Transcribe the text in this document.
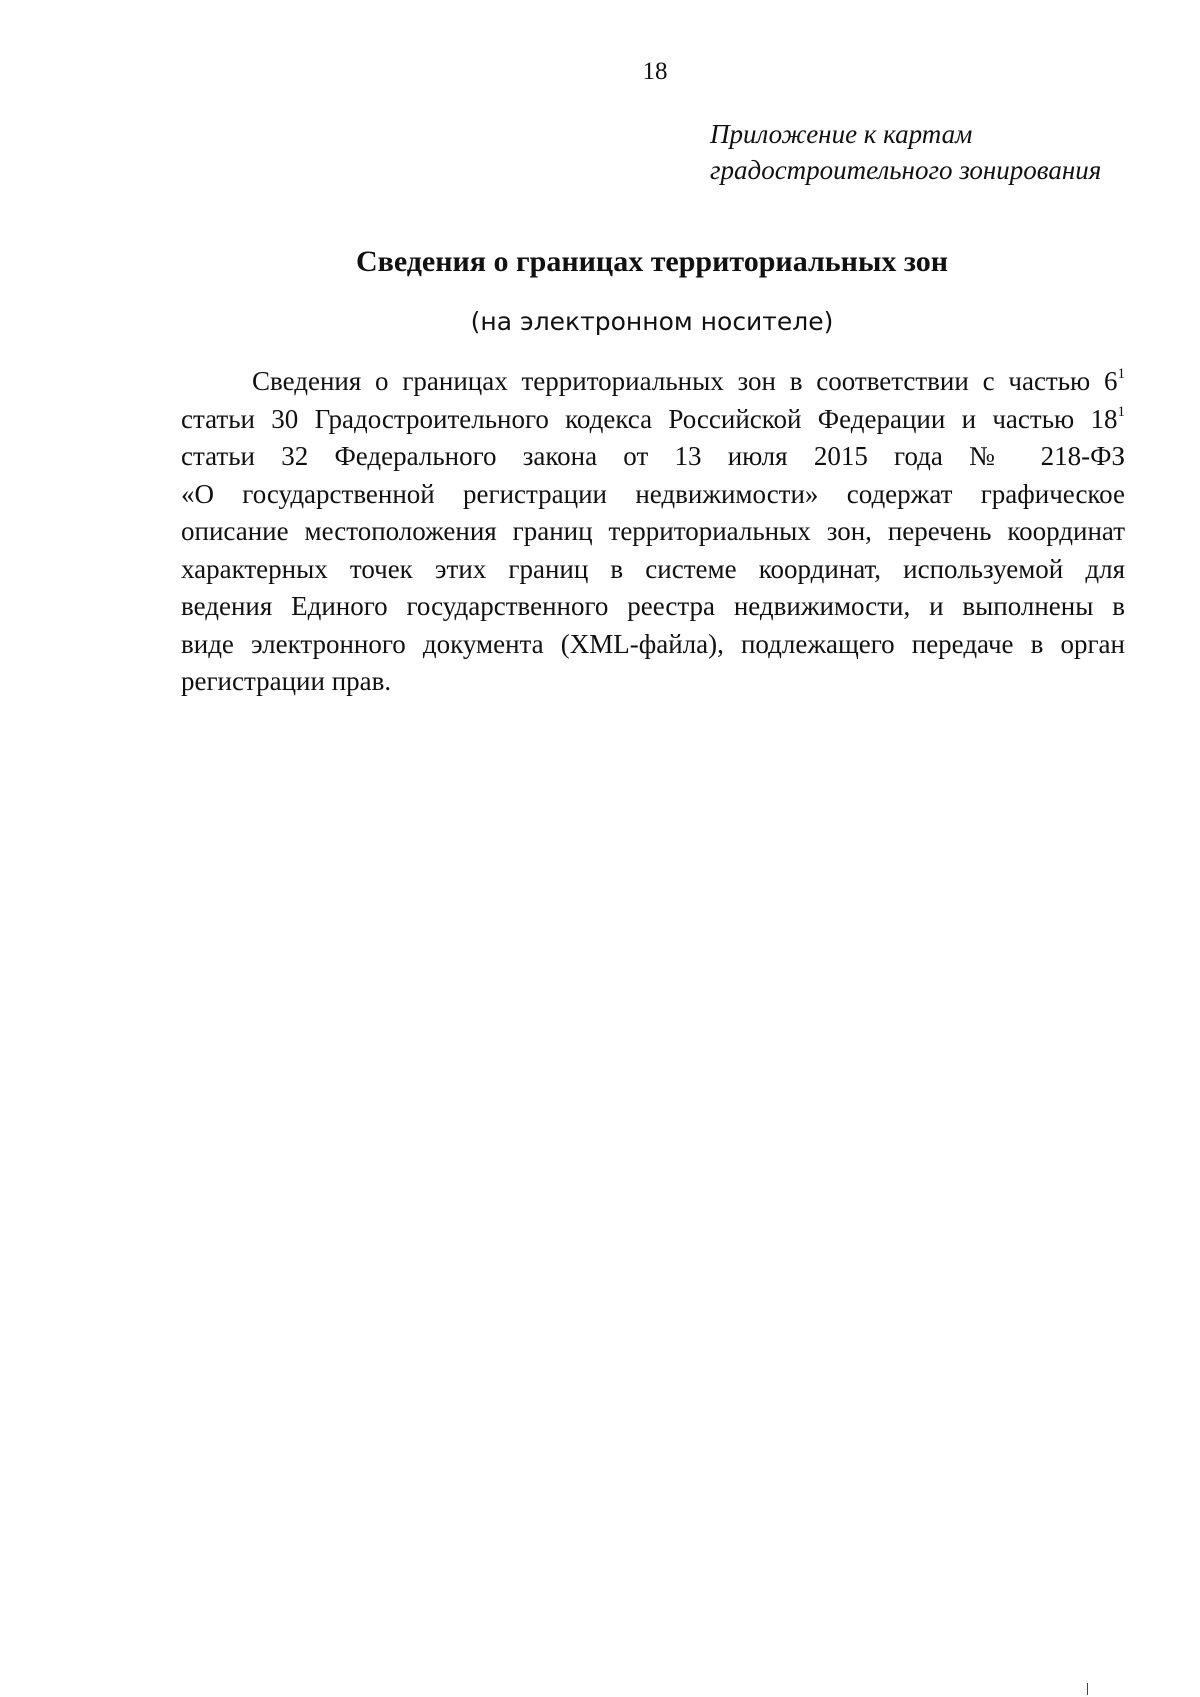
18
Приложение к картам
градостроительного зонирования
Сведения о границах территориальных зон
(на электронном носителе)
Сведения о границах территориальных зон в соответствии с частью $6^1$
статьи 30 Градостроительного кодекса Российской Федерации и частью $18^1$
статьи 32 Федерального закона от 13 июля 2015 года № 218-ФЗ
«О государственной регистрации недвижимости» содержат графическое
описание местоположения границ территориальных зон, перечень координат
характерных точек этих границ в системе координат, используемой для
ведения Единого государственного реестра недвижимости, и выполнены в
виде электронного документа (XML-файла), подлежащего передаче в орган
регистрации прав.
